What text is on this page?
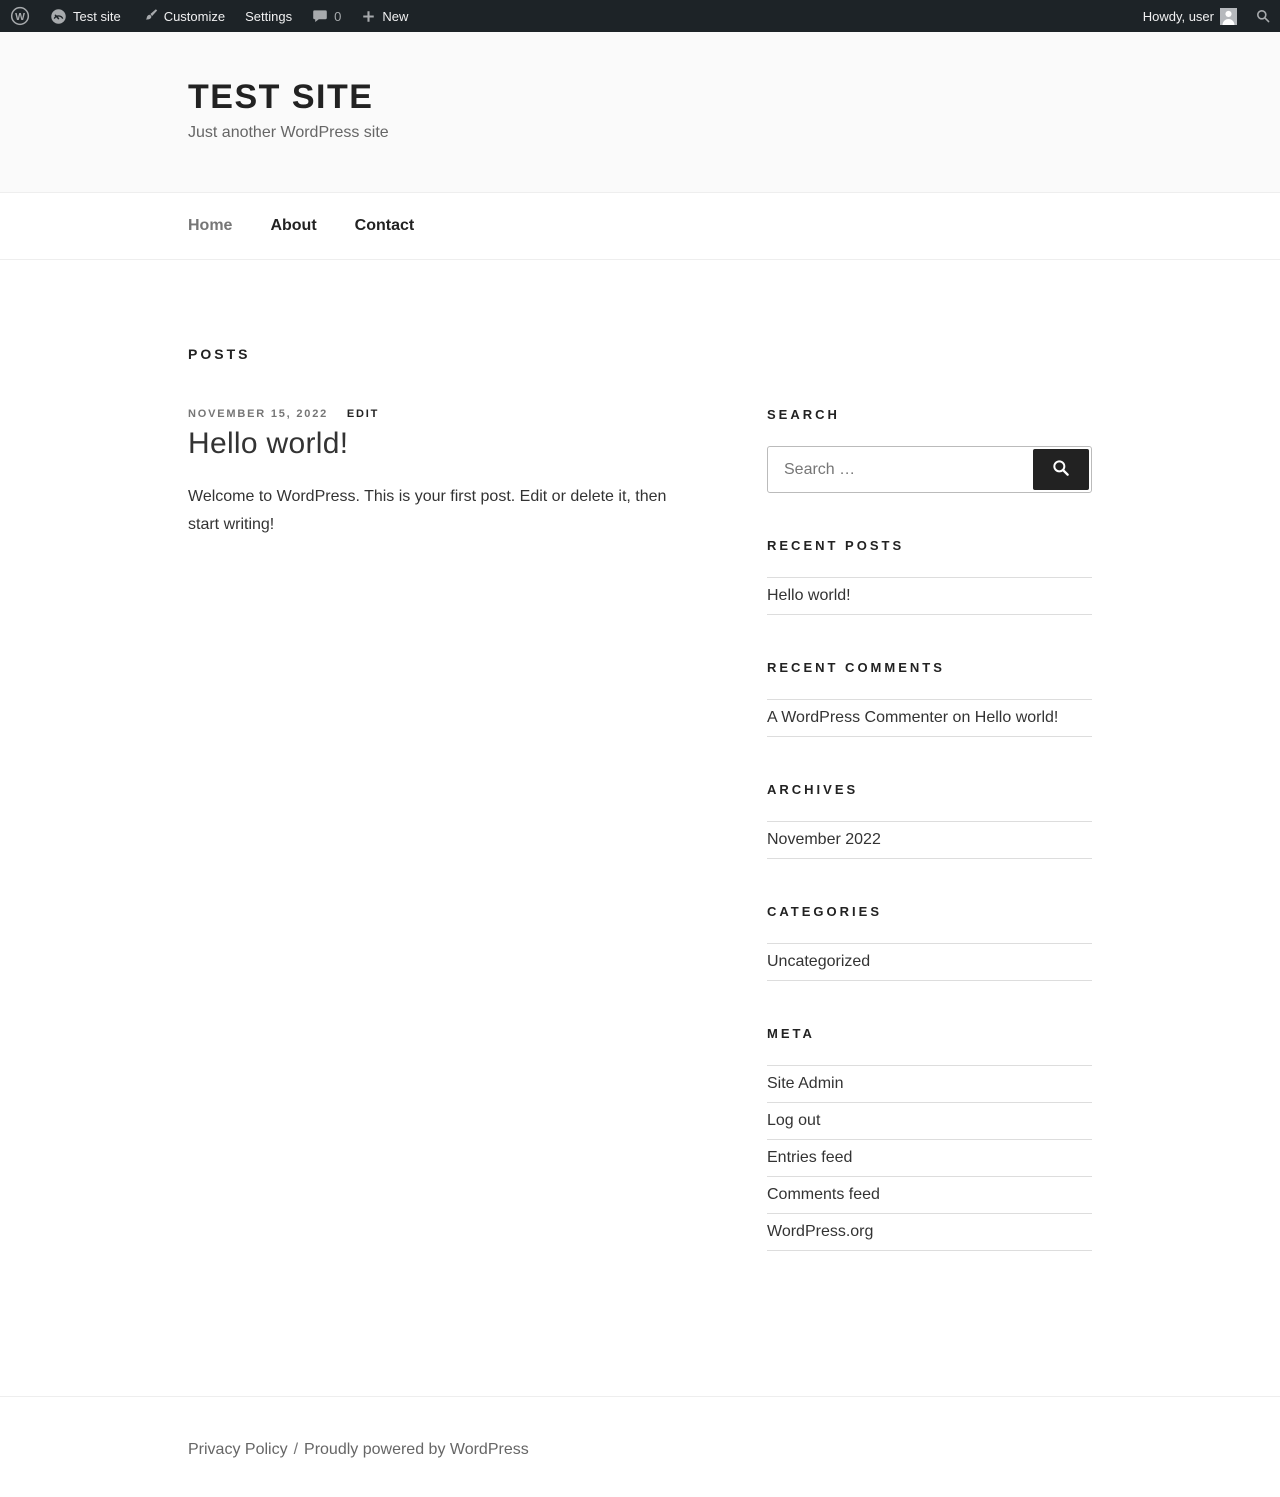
W	Test site	Customize Settings	0	New	Howdy, user
TEST SITE

Just another WordPress site

Home About Contact
POSTS
NOVEMBER 15, 2022 EDIT
Hello world!
Welcome to WordPress. This is your first post. Edit or delete it, then start writing!
SEARCH
Search …
RECENT POSTS
Hello world!
RECENT COMMENTS
A WordPress Commenter on Hello world!
ARCHIVES
November 2022
CATEGORIES
Uncategorized
META
Site Admin
Log out
Entries feed
Comments feed
WordPress.org
Privacy Policy / Proudly powered by WordPress
